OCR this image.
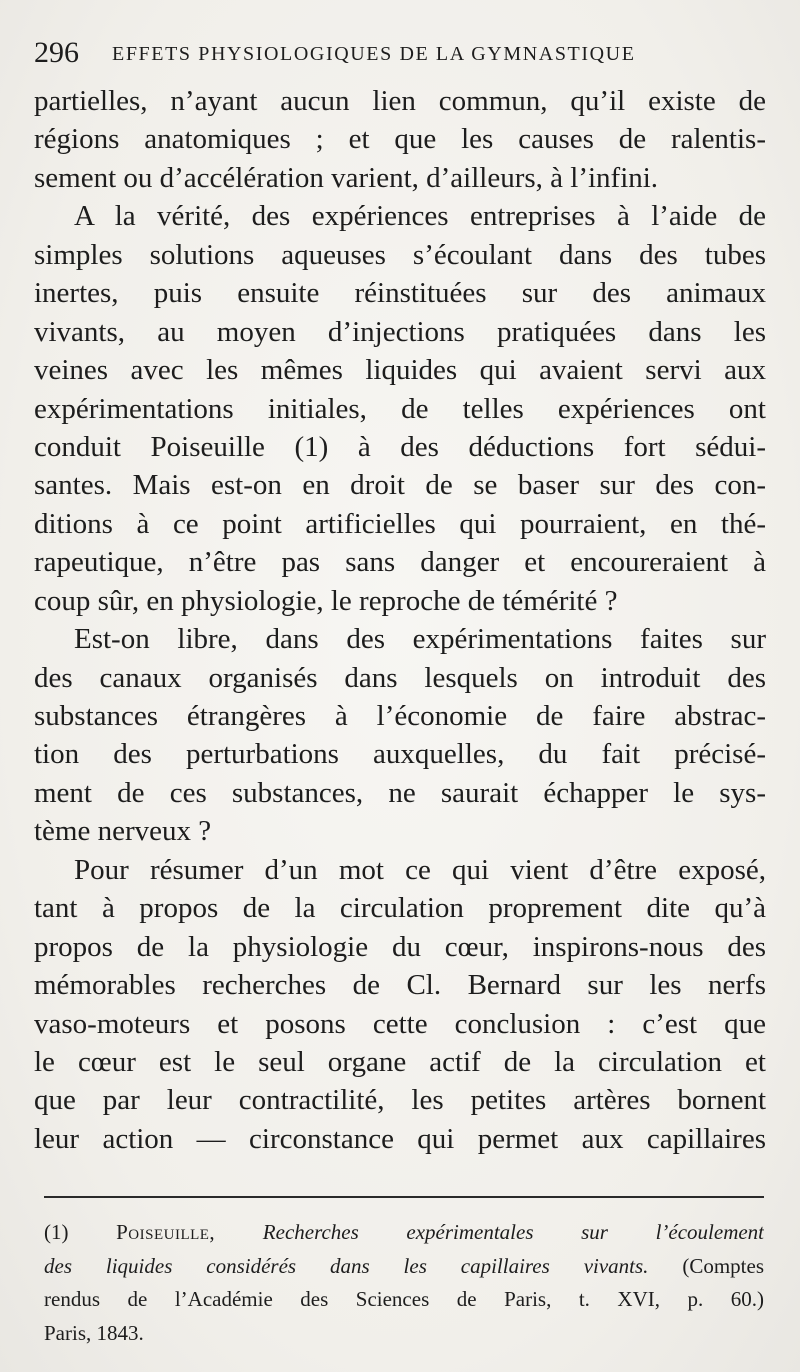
296 EFFETS PHYSIOLOGIQUES DE LA GYMNASTIQUE
partielles, n’ayant aucun lien commun, qu’il existe de
régions anatomiques ; et que les causes de ralentis-
sement ou d’accélération varient, d’ailleurs, à l’infini.
A la vérité, des expériences entreprises à l’aide de
simples solutions aqueuses s’écoulant dans des tubes
inertes, puis ensuite réinstituées sur des animaux
vivants, au moyen d’injections pratiquées dans les
veines avec les mêmes liquides qui avaient servi aux
expérimentations initiales, de telles expériences ont
conduit Poiseuille (1) à des déductions fort sédui-
santes. Mais est-on en droit de se baser sur des con-
ditions à ce point artificielles qui pourraient, en thé-
rapeutique, n’être pas sans danger et encoureraient à
coup sûr, en physiologie, le reproche de témérité ?
Est-on libre, dans des expérimentations faites sur
des canaux organisés dans lesquels on introduit des
substances étrangères à l’économie de faire abstrac-
tion des perturbations auxquelles, du fait précisé-
ment de ces substances, ne saurait échapper le sys-
tème nerveux ?
Pour résumer d’un mot ce qui vient d’être exposé,
tant à propos de la circulation proprement dite qu’à
propos de la physiologie du cœur, inspirons-nous des
mémorables recherches de Cl. Bernard sur les nerfs
vaso-moteurs et posons cette conclusion : c’est que
le cœur est le seul organe actif de la circulation et
que par leur contractilité, les petites artères bornent
leur action — circonstance qui permet aux capillaires
(1) Poiseuille, Recherches expérimentales sur l’écoulement
des liquides considérés dans les capillaires vivants. (Comptes
rendus de l’Académie des Sciences de Paris, t. XVI, p. 60.)
Paris, 1843.
